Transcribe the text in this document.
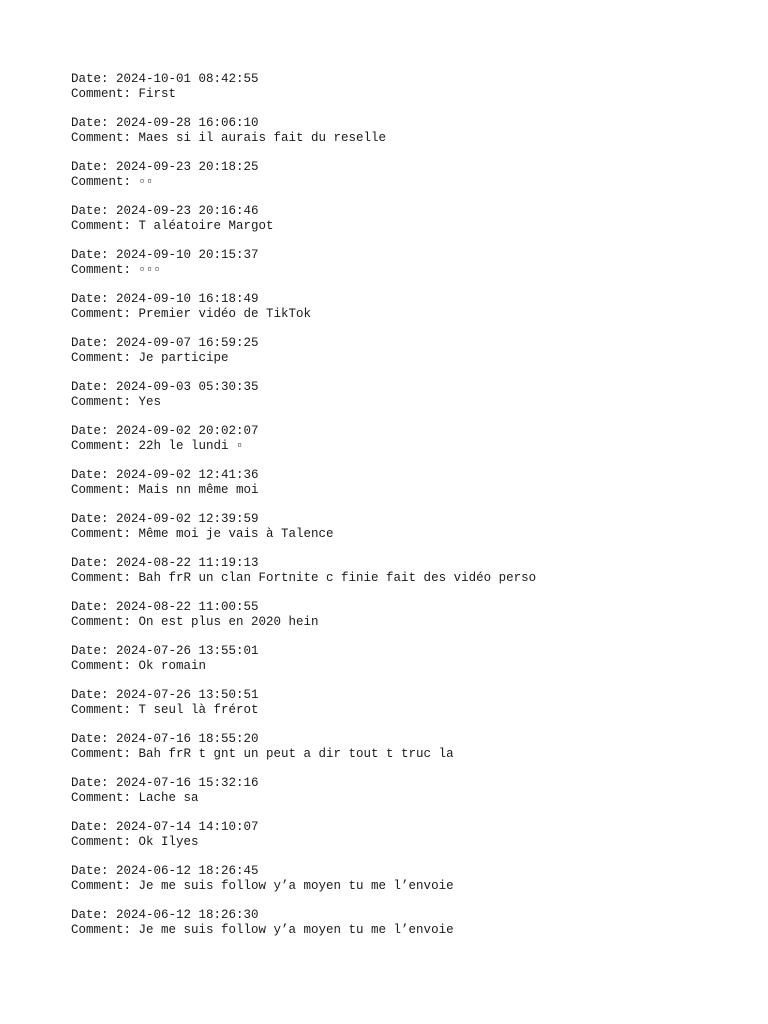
Date: 2024-10-01 08:42:55
Comment: First
Date: 2024-09-28 16:06:10
Comment: Maes si il aurais fait du reselle
Date: 2024-09-23 20:18:25
Comment: ▫▫
Date: 2024-09-23 20:16:46
Comment: T aléatoire Margot
Date: 2024-09-10 20:15:37
Comment: ▫▫▫
Date: 2024-09-10 16:18:49
Comment: Premier vidéo de TikTok
Date: 2024-09-07 16:59:25
Comment: Je participe
Date: 2024-09-03 05:30:35
Comment: Yes
Date: 2024-09-02 20:02:07
Comment: 22h le lundi ▫
Date: 2024-09-02 12:41:36
Comment: Mais nn même moi
Date: 2024-09-02 12:39:59
Comment: Même moi je vais à Talence
Date: 2024-08-22 11:19:13
Comment: Bah frR un clan Fortnite c finie fait des vidéo perso
Date: 2024-08-22 11:00:55
Comment: On est plus en 2020 hein
Date: 2024-07-26 13:55:01
Comment: Ok romain
Date: 2024-07-26 13:50:51
Comment: T seul là frérot
Date: 2024-07-16 18:55:20
Comment: Bah frR t gnt un peut a dir tout t truc la
Date: 2024-07-16 15:32:16
Comment: Lache sa
Date: 2024-07-14 14:10:07
Comment: Ok Ilyes
Date: 2024-06-12 18:26:45
Comment: Je me suis follow y’a moyen tu me l’envoie
Date: 2024-06-12 18:26:30
Comment: Je me suis follow y’a moyen tu me l’envoie
